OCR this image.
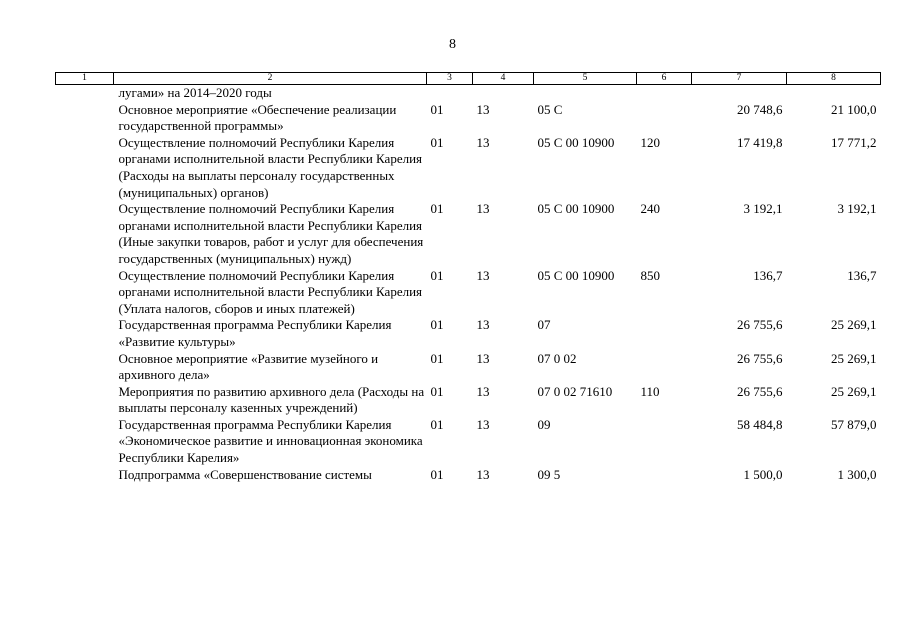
8
1	2	3	4	5	6	7	8
	лугами» на 2014–2020 годы						
	Основное мероприятие «Обеспечение реализации государственной программы»	01	13	05 С		20 748,6	21 100,0
	Осуществление полномочий Республики Карелия органами исполнительной власти Республики Карелия (Расходы на выплаты персоналу государственных (муниципальных) органов)	01	13	05 С 00 10900	120	17 419,8	17 771,2
	Осуществление полномочий Республики Карелия органами исполнительной власти Республики Карелия (Иные закупки товаров, работ и услуг для обеспечения государственных (муниципальных) нужд)	01	13	05 С 00 10900	240	3 192,1	3 192,1
	Осуществление полномочий Республики Карелия органами исполнительной власти Республики Карелия (Уплата налогов, сборов и иных платежей)	01	13	05 С 00 10900	850	136,7	136,7
	Государственная программа Республики Карелия «Развитие культуры»	01	13	07		26 755,6	25 269,1
	Основное мероприятие «Развитие музейного и архивного дела»	01	13	07 0 02		26 755,6	25 269,1
	Мероприятия по развитию архивного дела (Расходы на выплаты персоналу казенных учреждений)	01	13	07 0 02 71610	110	26 755,6	25 269,1
	Государственная программа Республики Карелия «Экономическое развитие и инновационная экономика Республики Карелия»	01	13	09		58 484,8	57 879,0
	Подпрограмма «Совершенствование системы	01	13	09 5		1 500,0	1 300,0
